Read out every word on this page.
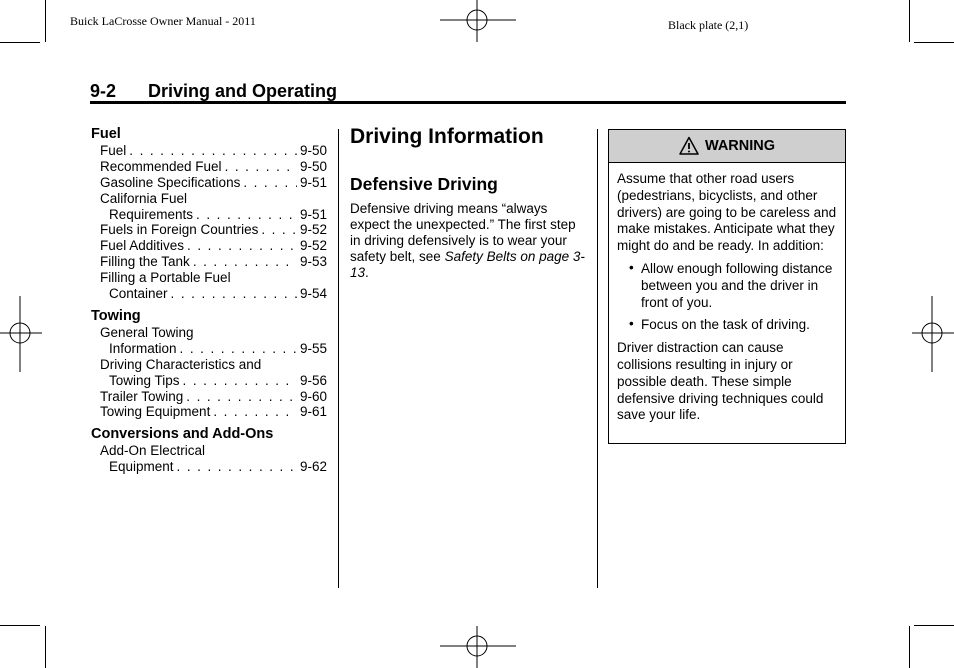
Buick LaCrosse Owner Manual - 2011	Black plate (2,1)
9-2	Driving and Operating
Fuel
Fuel . . .	9-50
Recommended Fuel . . .	9-50
Gasoline Specifications . . .	9-51
California Fuel
Requirements . . .	9-51
Fuels in Foreign Countries . . .	9-52
Fuel Additives . . .	9-52
Filling the Tank . . .	9-53
Filling a Portable Fuel
Container . . .	9-54
Towing
General Towing
Information . . .	9-55
Driving Characteristics and
Towing Tips . . .	9-56
Trailer Towing . . .	9-60
Towing Equipment . . .	9-61
Conversions and Add-Ons
Add-On Electrical
Equipment . . .	9-62
Driving Information
Defensive Driving
Defensive driving means “always expect the unexpected.” The first step in driving defensively is to wear your safety belt, see Safety Belts on page 3-13.
WARNING
Assume that other road users (pedestrians, bicyclists, and other drivers) are going to be careless and make mistakes. Anticipate what they might do and be ready. In addition:
• Allow enough following distance between you and the driver in front of you.
• Focus on the task of driving.
Driver distraction can cause collisions resulting in injury or possible death. These simple defensive driving techniques could save your life.
